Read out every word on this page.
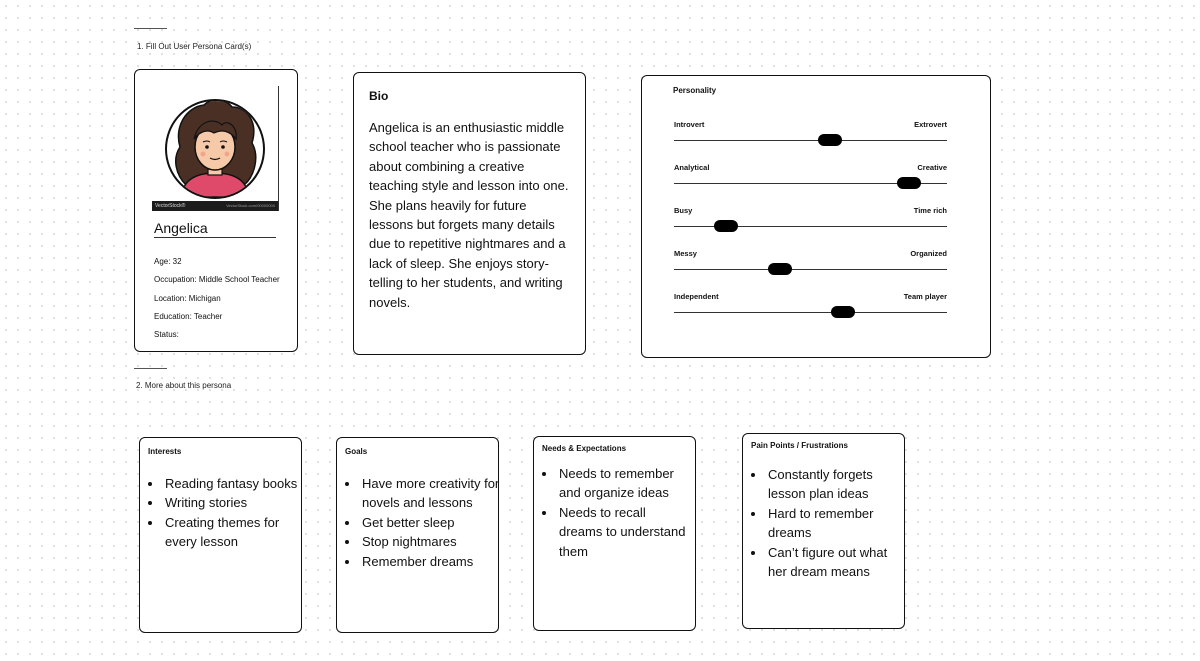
1. Fill Out User Persona Card(s)
VectorStock®	VectorStock.com/00000000
Angelica
Age: 32
Occupation: Middle School Teacher
Location: Michigan
Education: Teacher
Status:
Bio
Angelica is an enthusiastic middle school teacher who is passionate about combining a creative teaching style and lesson into one. She plans heavily for future lessons but forgets many details due to repetitive nightmares and a lack of sleep. She enjoys story-telling to her students, and writing novels.
Personality
Introvert	Extrovert
Analytical	Creative
Busy	Time rich
Messy	Organized
Independent	Team player
2. More about this persona
Interests
• Reading fantasy books
• Writing stories
• Creating themes for every lesson
Goals
• Have more creativity for novels and lessons
• Get better sleep
• Stop nightmares
• Remember dreams
Needs & Expectations
• Needs to remember and organize ideas
• Needs to recall dreams to understand them
Pain Points / Frustrations
• Constantly forgets lesson plan ideas
• Hard to remember dreams
• Can’t figure out what her dream means
